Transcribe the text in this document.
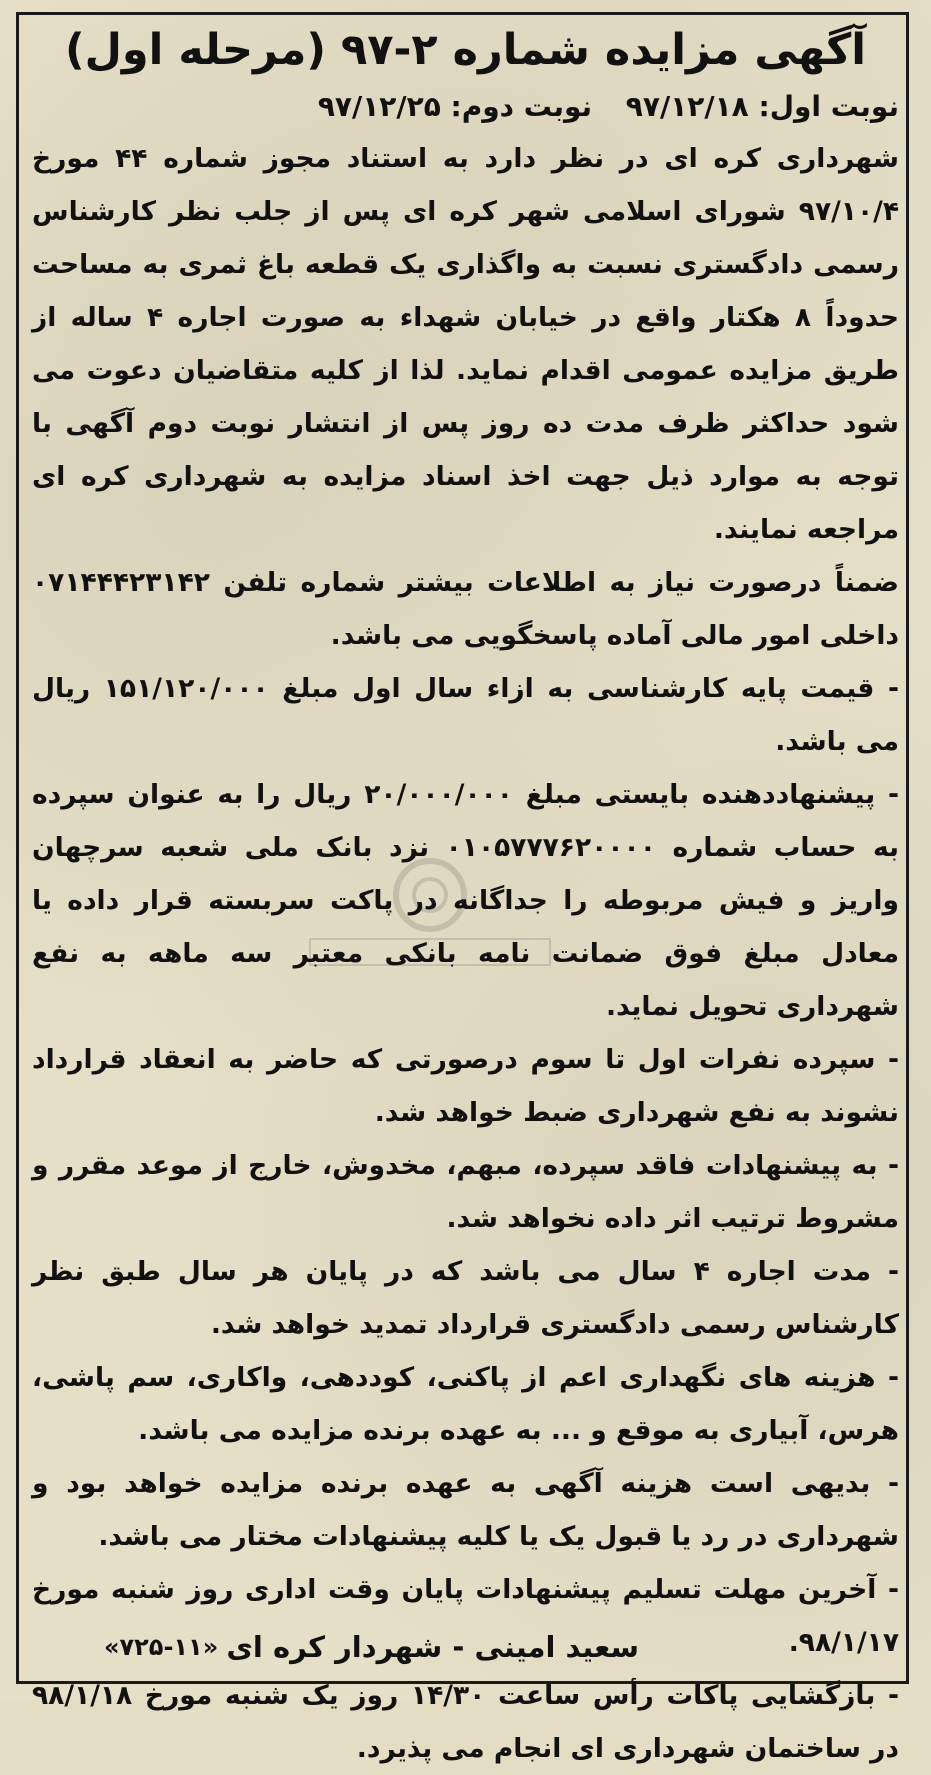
آگهی مزایده شماره ۲-۹۷ (مرحله اول)
نوبت اول: ۹۷/۱۲/۱۸ نوبت دوم: ۹۷/۱۲/۲۵

شهرداری کره ای در نظر دارد به استناد مجوز شماره ۴۴ مورخ ۹۷/۱۰/۴ شورای اسلامی شهر کره ای پس از جلب نظر کارشناس رسمی دادگستری نسبت به واگذاری یک قطعه باغ ثمری به مساحت حدوداً ۸ هکتار واقع در خیابان شهداء به صورت اجاره ۴ ساله از طریق مزایده عمومی اقدام نماید. لذا از کلیه متقاضیان دعوت می شود حداکثر ظرف مدت ده روز پس از انتشار نوبت دوم آگهی با توجه به موارد ذیل جهت اخذ اسناد مزایده به شهرداری کره ای مراجعه نمایند.

ضمناً درصورت نیاز به اطلاعات بیشتر شماره تلفن ۰۷۱۴۴۴۲۳۱۴۲ داخلی امور مالی آماده پاسخگویی می باشد.

- قیمت پایه کارشناسی به ازاء سال اول مبلغ ۱۵۱/۱۲۰/۰۰۰ ریال می باشد.

- پیشنهاددهنده بایستی مبلغ ۲۰/۰۰۰/۰۰۰ ریال را به عنوان سپرده به حساب شماره ۰۱۰۵۷۷۷۶۲۰۰۰۰ نزد بانک ملی شعبه سرچهان واریز و فیش مربوطه را جداگانه در پاکت سربسته قرار داده یا معادل مبلغ فوق ضمانت نامه بانکی معتبر سه ماهه به نفع شهرداری تحویل نماید.

- سپرده نفرات اول تا سوم درصورتی که حاضر به انعقاد قرارداد نشوند به نفع شهرداری ضبط خواهد شد.

- به پیشنهادات فاقد سپرده، مبهم، مخدوش، خارج از موعد مقرر و مشروط ترتیب اثر داده نخواهد شد.

- مدت اجاره ۴ سال می باشد که در پایان هر سال طبق نظر کارشناس رسمی دادگستری قرارداد تمدید خواهد شد.

- هزینه های نگهداری اعم از پاکنی، کوددهی، واکاری، سم پاشی، هرس، آبیاری به موقع و ... به عهده برنده مزایده می باشد.

- بدیهی است هزینه آگهی به عهده برنده مزایده خواهد بود و شهرداری در رد یا قبول یک یا کلیه پیشنهادات مختار می باشد.

- آخرین مهلت تسلیم پیشنهادات پایان وقت اداری روز شنبه مورخ ۹۸/۱/۱۷.

- بازگشایی پاکات رأس ساعت ۱۴/۳۰ روز یک شنبه مورخ ۹۸/۱/۱۸ در ساختمان شهرداری ای انجام می پذیرد.

سعید امینی - شهردار کره ای
«۷۲۵-۱۱»
